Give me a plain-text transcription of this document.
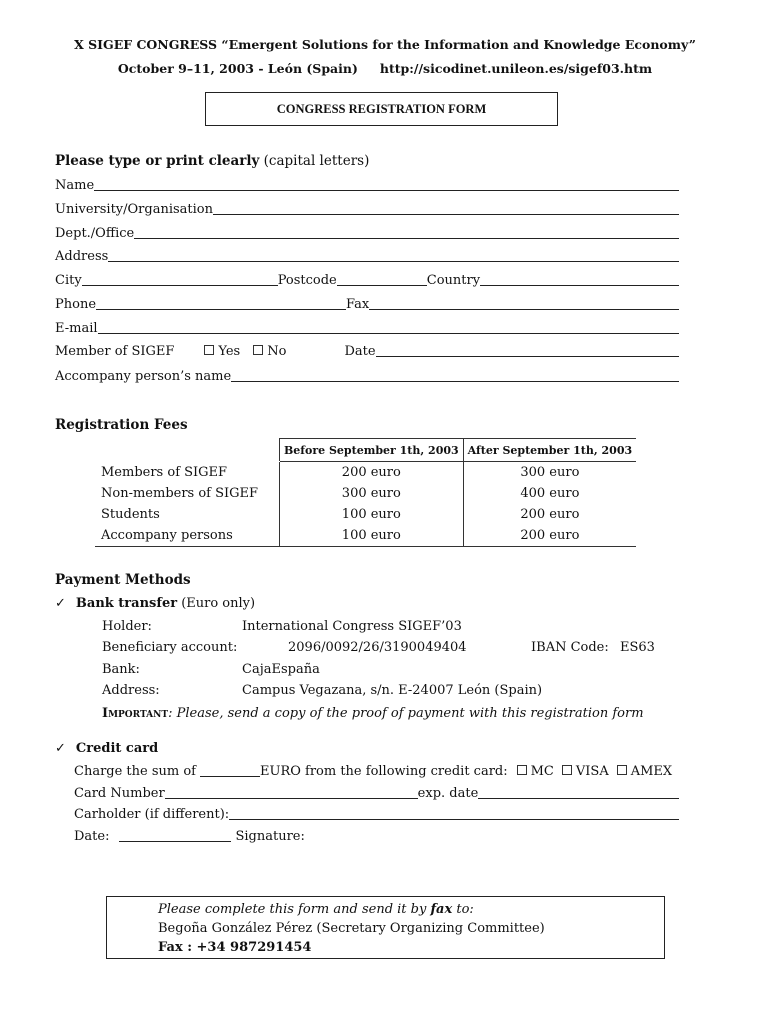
X SIGEF CONGRESS “Emergent Solutions for the Information and Knowledge Economy”
October 9–11, 2003 - León (Spain) http://sicodinet.unileon.es/sigef03.htm
CONGRESS REGISTRATION FORM
Please type or print clearly (capital letters)
Name
University/Organisation
Dept./Office
Address
City	Postcode	Country
Phone	Fax
E-mail
Member of SIGEF	Yes	No	Date
Accompany person’s name
Registration Fees
	Before September 1th, 2003	After September 1th, 2003
Members of SIGEF	200 euro	300 euro
Non-members of SIGEF	300 euro	400 euro
Students	100 euro	200 euro
Accompany persons	100 euro	200 euro
Payment Methods
✓ Bank transfer (Euro only)
Holder:	International Congress SIGEF’03
Beneficiary account:	2096/0092/26/3190049404	IBAN Code: ES63
Bank:	CajaEspaña
Address:	Campus Vegazana, s/n. E-24007 León (Spain)
Important: Please, send a copy of the proof of payment with this registration form
✓ Credit card
Charge the sum of	EURO from the following credit card:	MC	VISA	AMEX
Card Number	exp. date
Carholder (if different):
Date:	Signature:
Please complete this form and send it by fax to:
Begoña González Pérez (Secretary Organizing Committee)
Fax : +34 987291454
